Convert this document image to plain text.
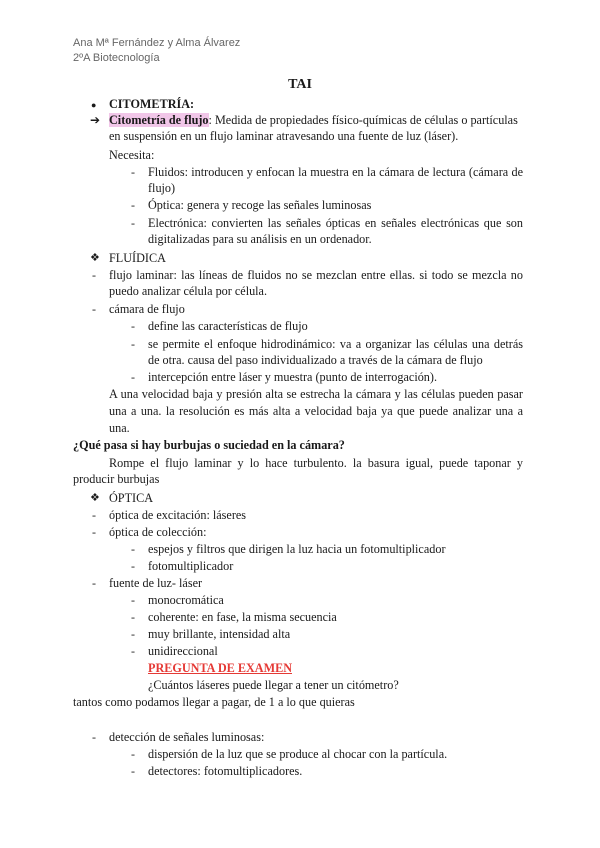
Ana Mª Fernández y Alma Álvarez
2ºA Biotecnología
TAI
● CITOMETRÍA:
➔ Citometría de flujo: Medida de propiedades físico-químicas de células o partículas
en suspensión en un flujo laminar atravesando una fuente de luz (láser).
Necesita:
- Fluidos: introducen y enfocan la muestra en la cámara de lectura (cámara de
flujo)
- Óptica: genera y recoge las señales luminosas
- Electrónica: convierten las señales ópticas en señales electrónicas que son
digitalizadas para su análisis en un ordenador.
❖ FLUÍDICA
- flujo laminar: las líneas de fluidos no se mezclan entre ellas. si todo se mezcla no
puedo analizar célula por célula.
- cámara de flujo
- define las características de flujo
- se permite el enfoque hidrodinámico: va a organizar las células una detrás
de otra. causa del paso individualizado a través de la cámara de flujo
- intercepción entre láser y muestra (punto de interrogación).
A una velocidad baja y presión alta se estrecha la cámara y las células pueden pasar
una a una. la resolución es más alta a velocidad baja ya que puede analizar una a
una.
¿Qué pasa si hay burbujas o suciedad en la cámara?
Rompe el flujo laminar y lo hace turbulento. la basura igual, puede taponar y
producir burbujas
❖ ÓPTICA
- óptica de excitación: láseres
- óptica de colección:
- espejos y filtros que dirigen la luz hacia un fotomultiplicador
- fotomultiplicador
- fuente de luz- láser
- monocromática
- coherente: en fase, la misma secuencia
- muy brillante, intensidad alta
- unidireccional
PREGUNTA DE EXAMEN
¿Cuántos láseres puede llegar a tener un citómetro?
tantos como podamos llegar a pagar, de 1 a lo que quieras
- detección de señales luminosas:
- dispersión de la luz que se produce al chocar con la partícula.
- detectores: fotomultiplicadores.
